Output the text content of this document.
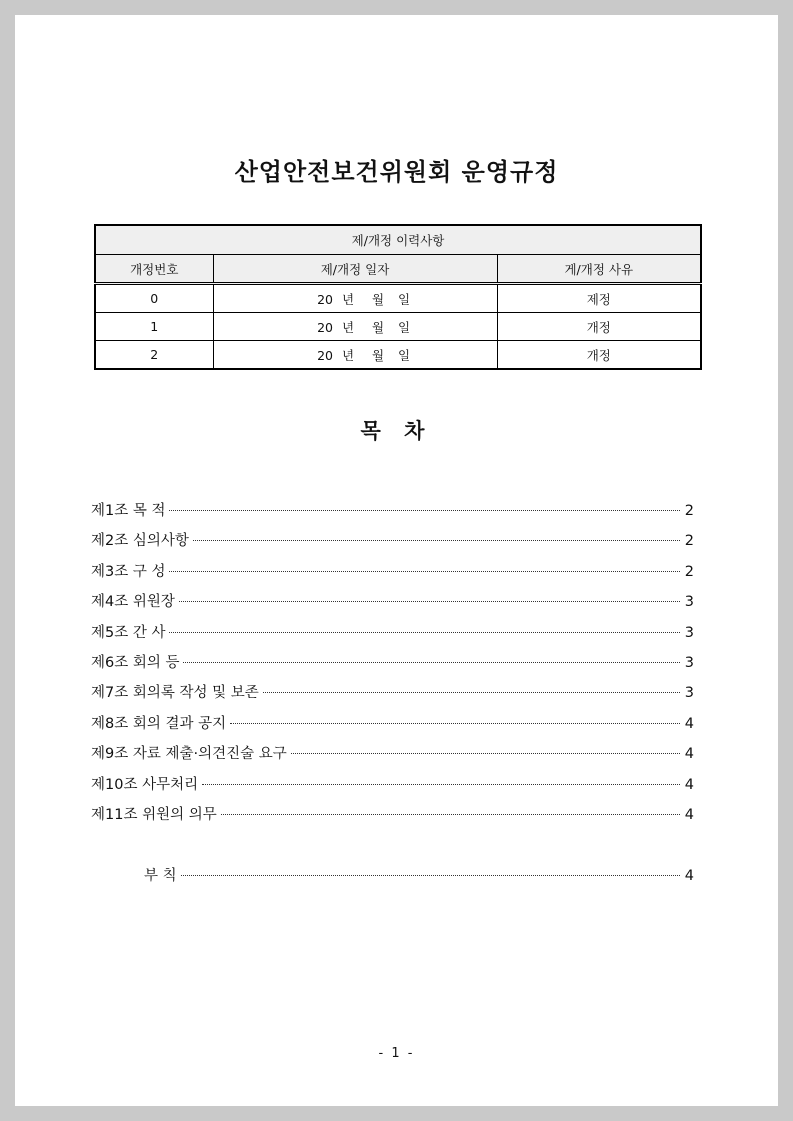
산업안전보건위원회 운영규정
제/개정 이력사항		
개정번호	제/개정 일자	게/개정 사유
0	20 년 월 일	제정
1	20 년 월 일	개정
2	20 년 월 일	개정
목 차
제1조 목 적	2
제2조 심의사항	2
제3조 구 성	2
제4조 위원장	3
제5조 간 사	3
제6조 회의 등	3
제7조 회의록 작성 및 보존	3
제8조 회의 결과 공지	4
제9조 자료 제출·의견진술 요구	4
제10조 사무처리	4
제11조 위원의 의무	4
부 칙	4
- 1 -
